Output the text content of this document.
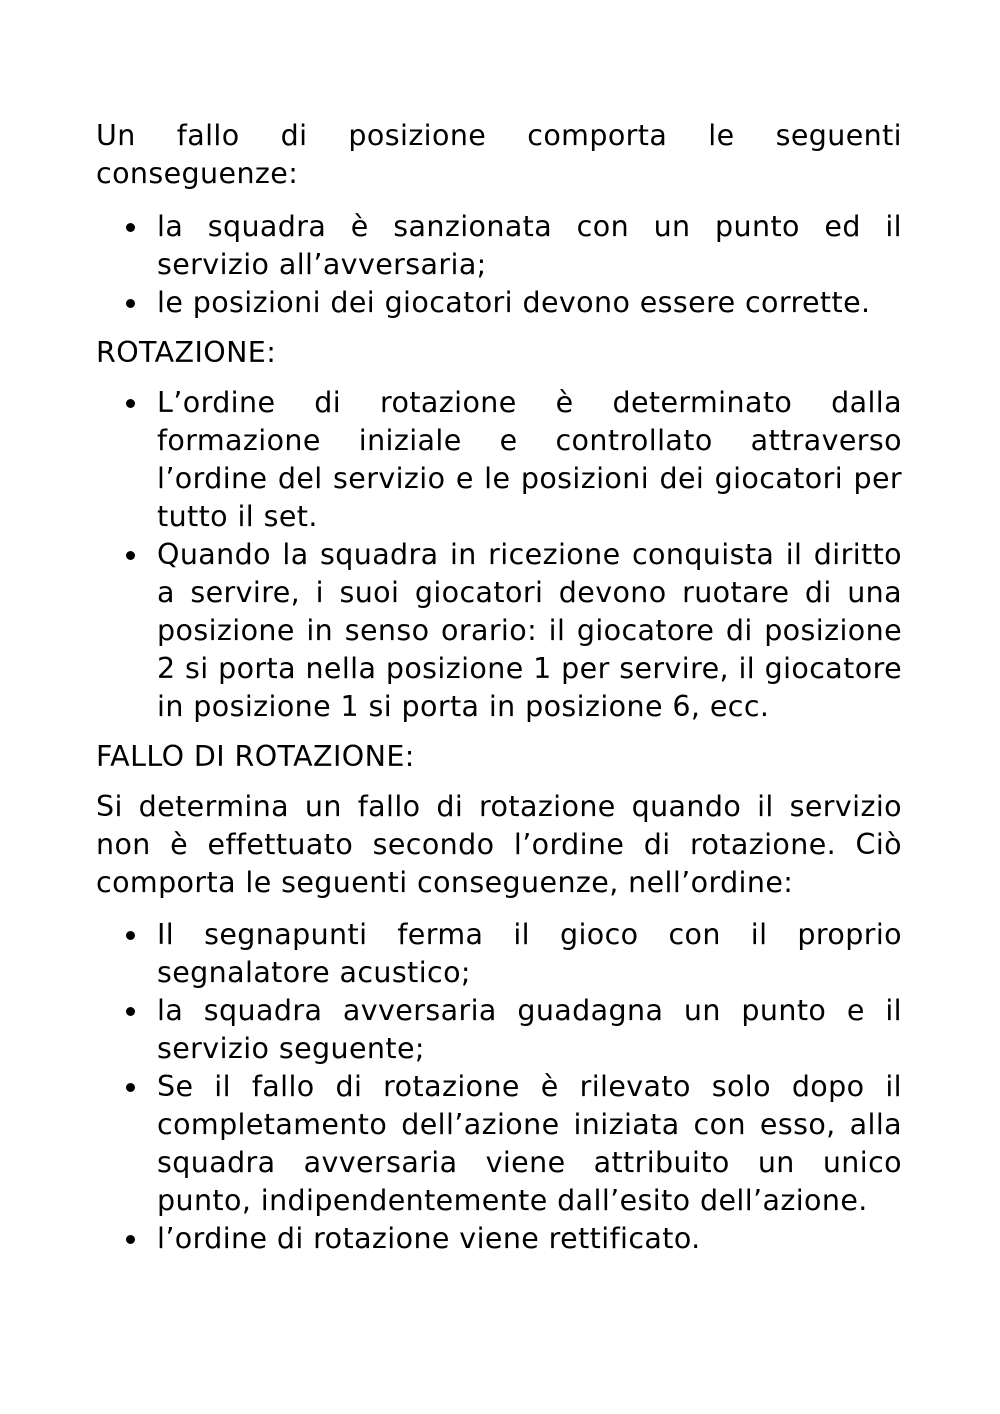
Un fallo di posizione comporta le seguenti conseguenze:

la squadra è sanzionata con un punto ed il servizio all’avversaria;
le posizioni dei giocatori devono essere corrette.

ROTAZIONE:

L’ordine di rotazione è determinato dalla formazione iniziale e controllato attraverso l’ordine del servizio e le posizioni dei giocatori per tutto il set.
Quando la squadra in ricezione conquista il diritto a servire, i suoi giocatori devono ruotare di una posizione in senso orario: il giocatore di posizione 2 si porta nella posizione 1 per servire, il giocatore in posizione 1 si porta in posizione 6, ecc.

FALLO DI ROTAZIONE:

Si determina un fallo di rotazione quando il servizio non è effettuato secondo l’ordine di rotazione. Ciò comporta le seguenti conseguenze, nell’ordine:

Il segnapunti ferma il gioco con il proprio segnalatore acustico;
la squadra avversaria guadagna un punto e il servizio seguente;
Se il fallo di rotazione è rilevato solo dopo il completamento dell’azione iniziata con esso, alla squadra avversaria viene attribuito un unico punto, indipendentemente dall’esito dell’azione.
l’ordine di rotazione viene rettificato.
